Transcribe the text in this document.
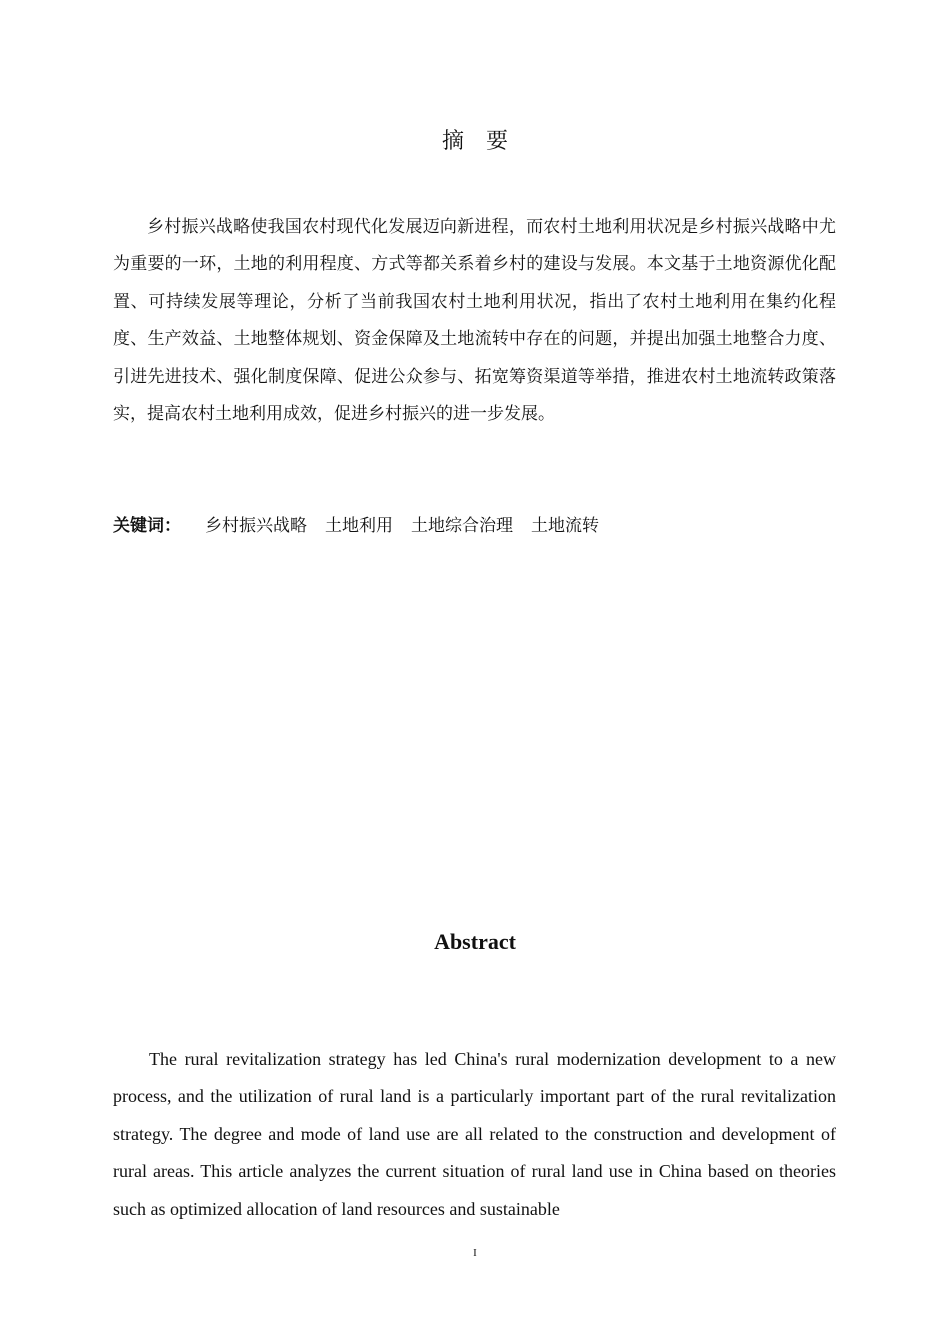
摘 要

乡村振兴战略使我国农村现代化发展迈向新进程，而农村土地利用状况是乡村振兴战略中尤为重要的一环，土地的利用程度、方式等都关系着乡村的建设与发展。本文基于土地资源优化配置、可持续发展等理论，分析了当前我国农村土地利用状况，指出了农村土地利用在集约化程度、生产效益、土地整体规划、资金保障及土地流转中存在的问题，并提出加强土地整合力度、引进先进技术、强化制度保障、促进公众参与、拓宽筹资渠道等举措，推进农村土地流转政策落实，提高农村土地利用成效，促进乡村振兴的进一步发展。

关键词： 乡村振兴战略 土地利用 土地综合治理 土地流转
Abstract

The rural revitalization strategy has led China's rural modernization development to a new process, and the utilization of rural land is a particularly important part of the rural revitalization strategy. The degree and mode of land use are all related to the construction and development of rural areas. This article analyzes the current situation of rural land use in China based on theories such as optimized allocation of land resources and sustainable

I
